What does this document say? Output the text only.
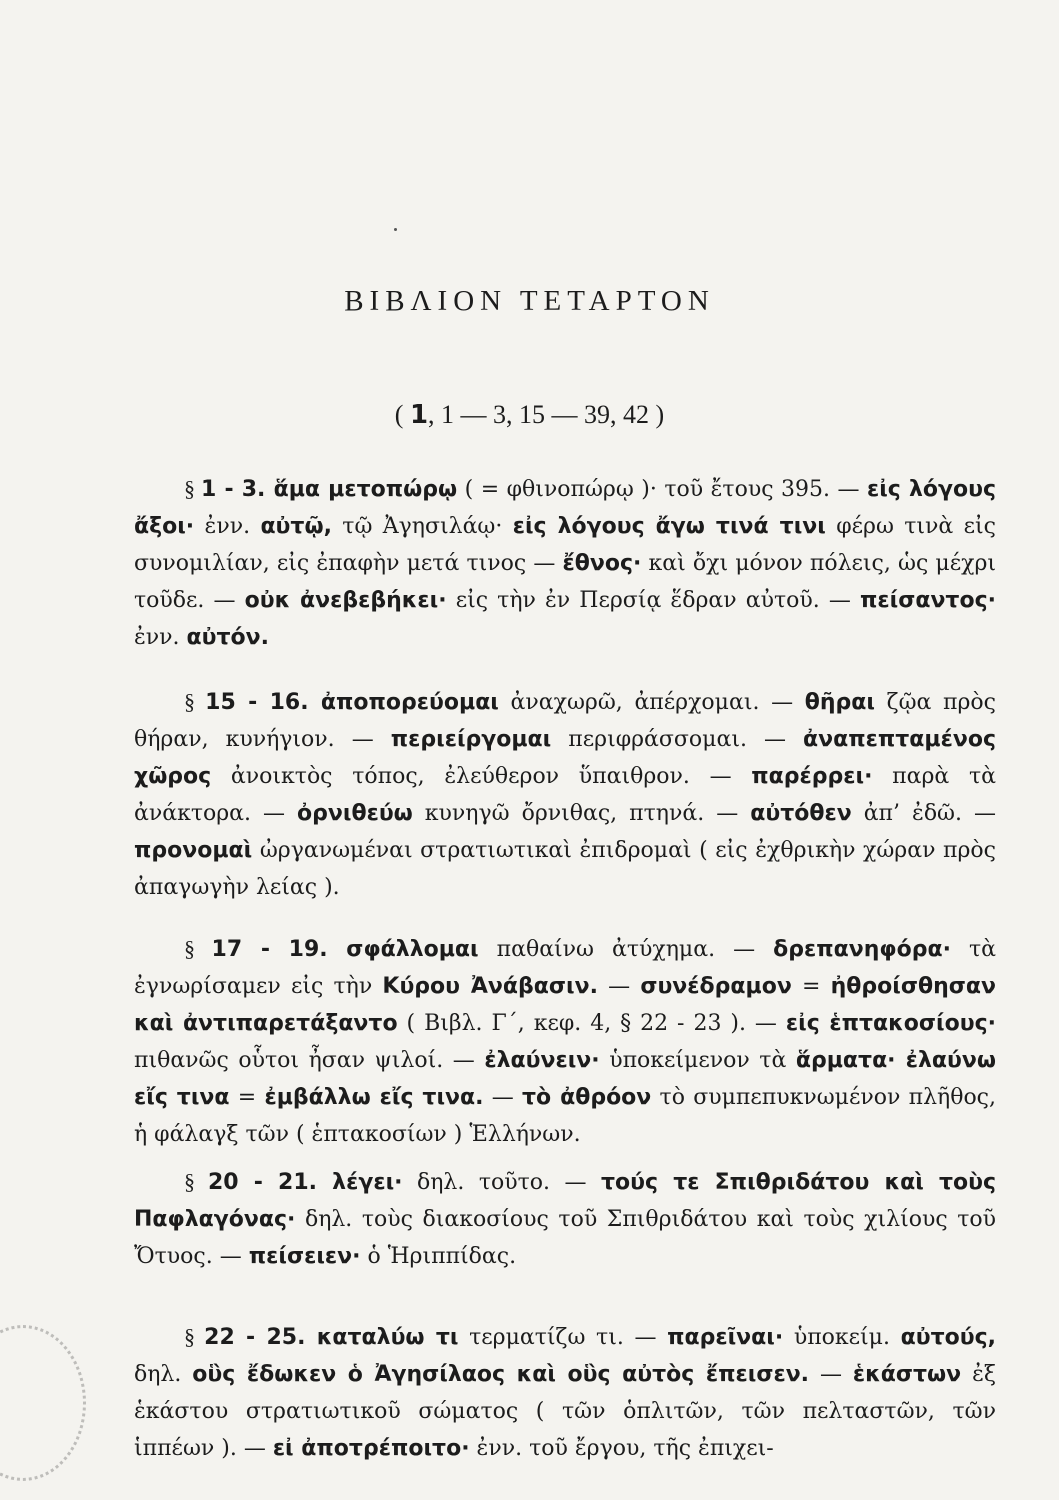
ΒΙΒΛΙΟΝ ΤΕΤΑΡΤΟΝ
( 1, 1 — 3, 15 — 39, 42 )
§ 1 - 3. ἅμα μετοπώρῳ ( = φθινοπώρῳ )· τοῦ ἔτους 395. — εἰς λόγους ἄξοι· ἐνν. αὐτῷ, τῷ Ἀγησιλάῳ· εἰς λόγους ἄγω τινά τινι φέρω τινὰ εἰς συνομιλίαν, εἰς ἐπαφὴν μετά τινος — ἔθνος· καὶ ὄχι μόνον πόλεις, ὡς μέχρι τοῦδε. — οὐκ ἀνεβεβήκει· εἰς τὴν ἐν Περσίᾳ ἕδραν αὐτοῦ. — πείσαντος· ἐνν. αὐτόν.
§ 15 - 16. ἀποπορεύομαι ἀναχωρῶ, ἀπέρχομαι. — θῆραι ζῷα πρὸς θήραν, κυνήγιον. — περιείργομαι περιφράσσομαι. — ἀναπεπταμένος χῶρος ἀνοικτὸς τόπος, ἐλεύθερον ὕπαιθρον. — παρέρρει· παρὰ τὰ ἀνάκτορα. — ὀρνιθεύω κυνηγῶ ὄρνιθας, πτηνά. — αὐτόθεν ἀπ’ ἐδῶ. — προνομαὶ ὠργανωμέναι στρατιωτικαὶ ἐπιδρομαὶ ( εἰς ἐχθρικὴν χώραν πρὸς ἀπαγωγὴν λείας ).
§ 17 - 19. σφάλλομαι παθαίνω ἀτύχημα. — δρεπανηφόρα· τὰ ἐγνωρίσαμεν εἰς τὴν Κύρου Ἀνάβασιν. — συνέδραμον = ἠθροίσθησαν καὶ ἀντιπαρετάξαντο ( Βιβλ. Γ΄, κεφ. 4, § 22 - 23 ). — εἰς ἑπτακοσίους· πιθανῶς οὗτοι ἦσαν ψιλοί. — ἐλαύνειν· ὑποκείμενον τὰ ἅρματα· ἐλαύνω εἴς τινα = ἐμβάλλω εἴς τινα. — τὸ ἀθρόον τὸ συμπεπυκνωμένον πλῆθος, ἡ φάλαγξ τῶν ( ἑπτακοσίων ) Ἑλλήνων.
§ 20 - 21. λέγει· δηλ. τοῦτο. — τούς τε Σπιθριδάτου καὶ τοὺς Παφλαγόνας· δηλ. τοὺς διακοσίους τοῦ Σπιθριδάτου καὶ τοὺς χιλίους τοῦ Ὄτυος. — πείσειεν· ὁ Ἡριππίδας.
§ 22 - 25. καταλύω τι τερματίζω τι. — παρεῖναι· ὑποκείμ. αὐτούς, δηλ. οὓς ἔδωκεν ὁ Ἀγησίλαος καὶ οὓς αὐτὸς ἔπεισεν. — ἑκάστων ἐξ ἑκάστου στρατιωτικοῦ σώματος ( τῶν ὁπλιτῶν, τῶν πελταστῶν, τῶν ἱππέων ). — εἰ ἀποτρέποιτο· ἐνν. τοῦ ἔργου, τῆς ἐπιχει-
